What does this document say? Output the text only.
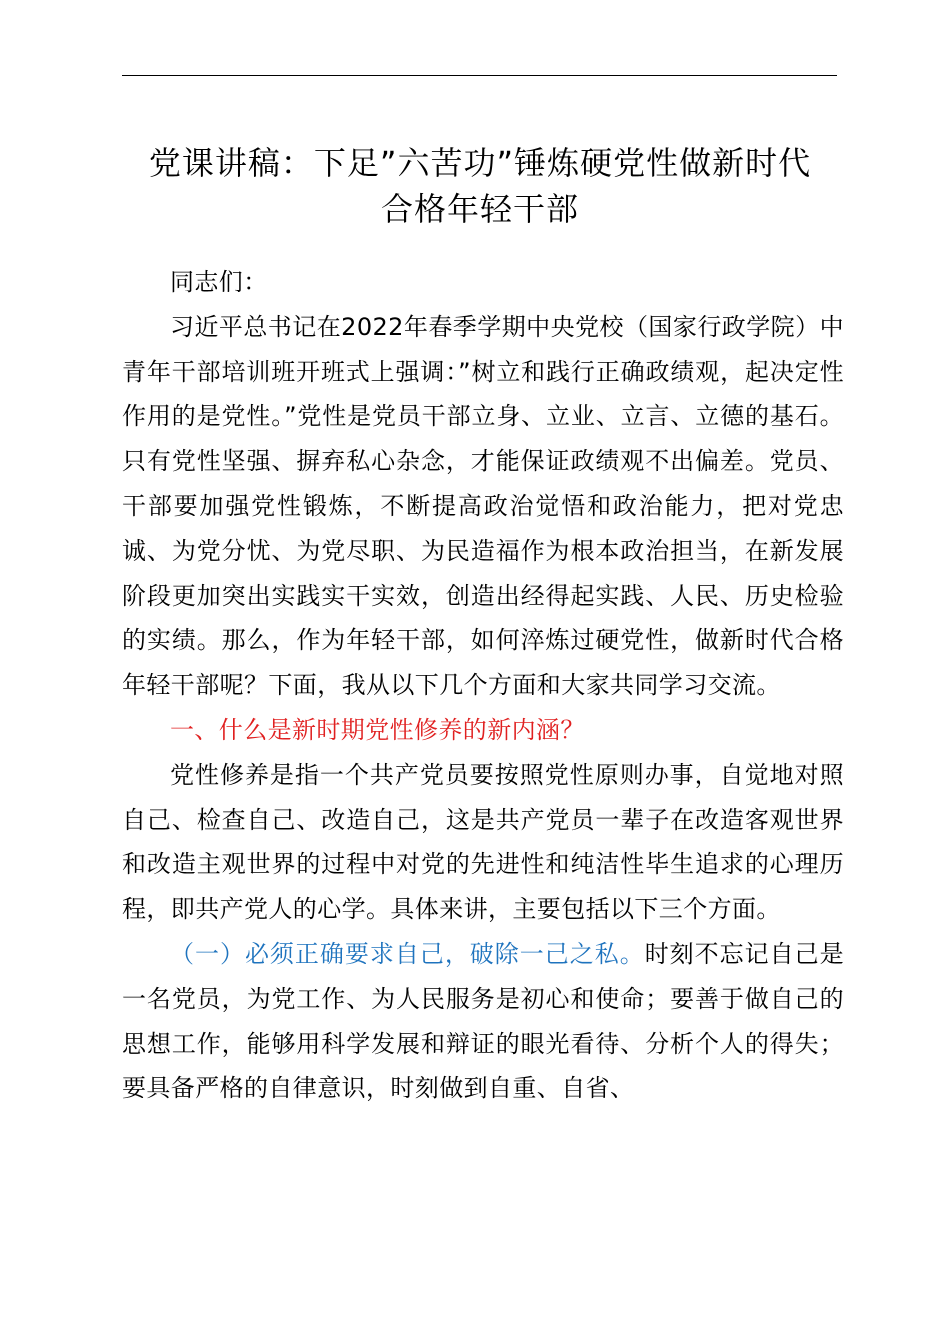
党课讲稿：下足”六苦功”锤炼硬党性做新时代
合格年轻干部

同志们：

习近平总书记在2022年春季学期中央党校（国家行政学院）中青年干部培训班开班式上强调：”树立和践行正确政绩观，起决定性作用的是党性。”党性是党员干部立身、立业、立言、立德的基石。只有党性坚强、摒弃私心杂念，才能保证政绩观不出偏差。党员、干部要加强党性锻炼，不断提高政治觉悟和政治能力，把对党忠诚、为党分忧、为党尽职、为民造福作为根本政治担当，在新发展阶段更加突出实践实干实效，创造出经得起实践、人民、历史检验的实绩。那么，作为年轻干部，如何淬炼过硬党性，做新时代合格年轻干部呢？下面，我从以下几个方面和大家共同学习交流。

一、什么是新时期党性修养的新内涵？

党性修养是指一个共产党员要按照党性原则办事，自觉地对照自己、检查自己、改造自己，这是共产党员一辈子在改造客观世界和改造主观世界的过程中对党的先进性和纯洁性毕生追求的心理历程，即共产党人的心学。具体来讲，主要包括以下三个方面。

（一）必须正确要求自己，破除一己之私。时刻不忘记自己是一名党员，为党工作、为人民服务是初心和使命；要善于做自己的思想工作，能够用科学发展和辩证的眼光看待、分析个人的得失；要具备严格的自律意识，时刻做到自重、自省、
